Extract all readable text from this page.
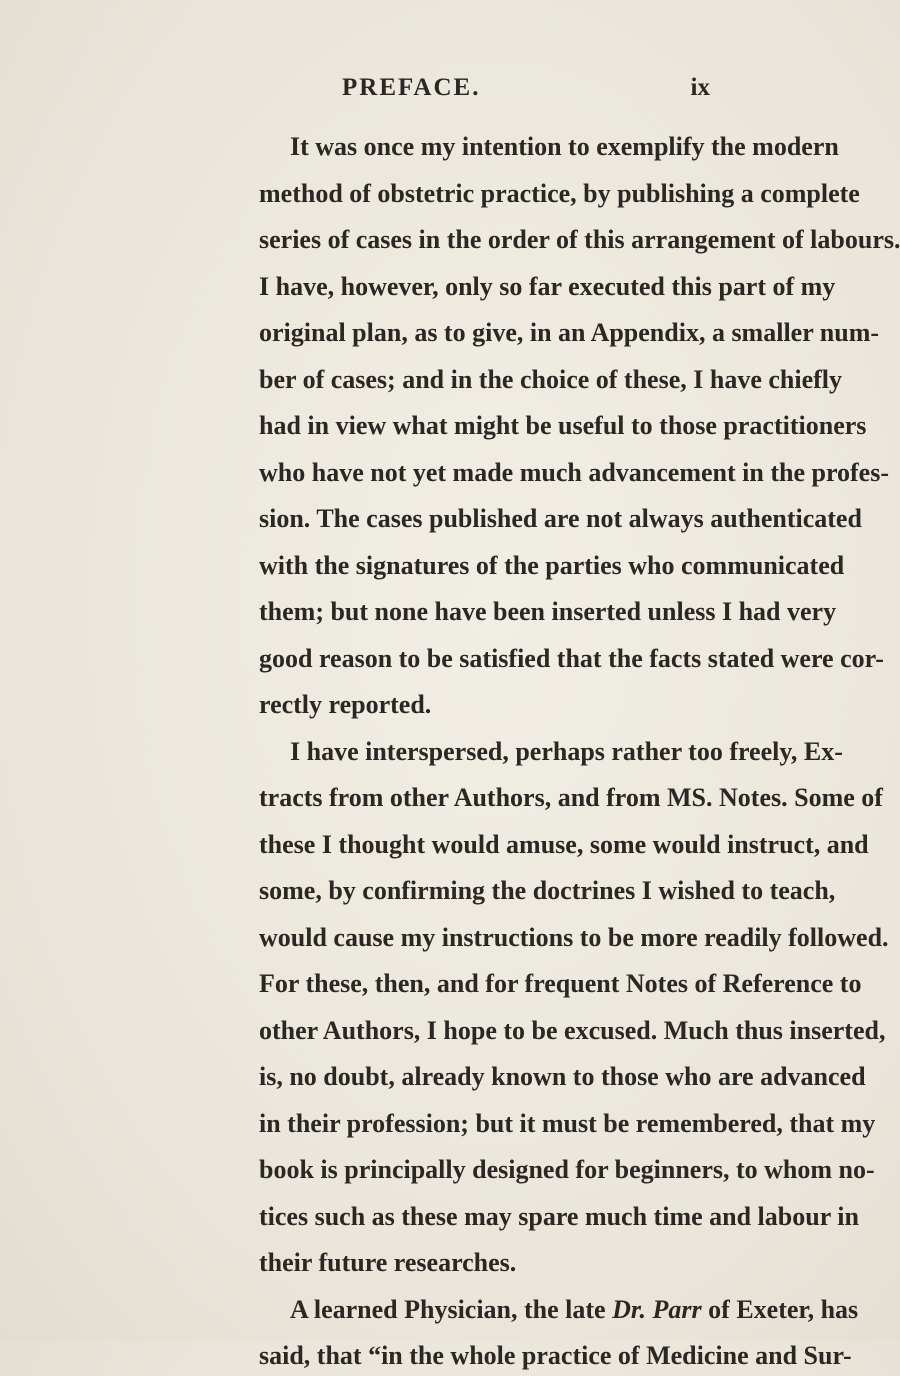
PREFACE.	ix
It was once my intention to exemplify the modern
method of obstetric practice, by publishing a complete
series of cases in the order of this arrangement of labours.
I have, however, only so far executed this part of my
original plan, as to give, in an Appendix, a smaller num-
ber of cases; and in the choice of these, I have chiefly
had in view what might be useful to those practitioners
who have not yet made much advancement in the profes-
sion. The cases published are not always authenticated
with the signatures of the parties who communicated
them; but none have been inserted unless I had very
good reason to be satisfied that the facts stated were cor-
rectly reported.
I have interspersed, perhaps rather too freely, Ex-
tracts from other Authors, and from MS. Notes. Some of
these I thought would amuse, some would instruct, and
some, by confirming the doctrines I wished to teach,
would cause my instructions to be more readily followed.
For these, then, and for frequent Notes of Reference to
other Authors, I hope to be excused. Much thus inserted,
is, no doubt, already known to those who are advanced
in their profession; but it must be remembered, that my
book is principally designed for beginners, to whom no-
tices such as these may spare much time and labour in
their future researches.
A learned Physician, the late Dr. Parr of Exeter, has
said, that “in the whole practice of Medicine and Sur-
